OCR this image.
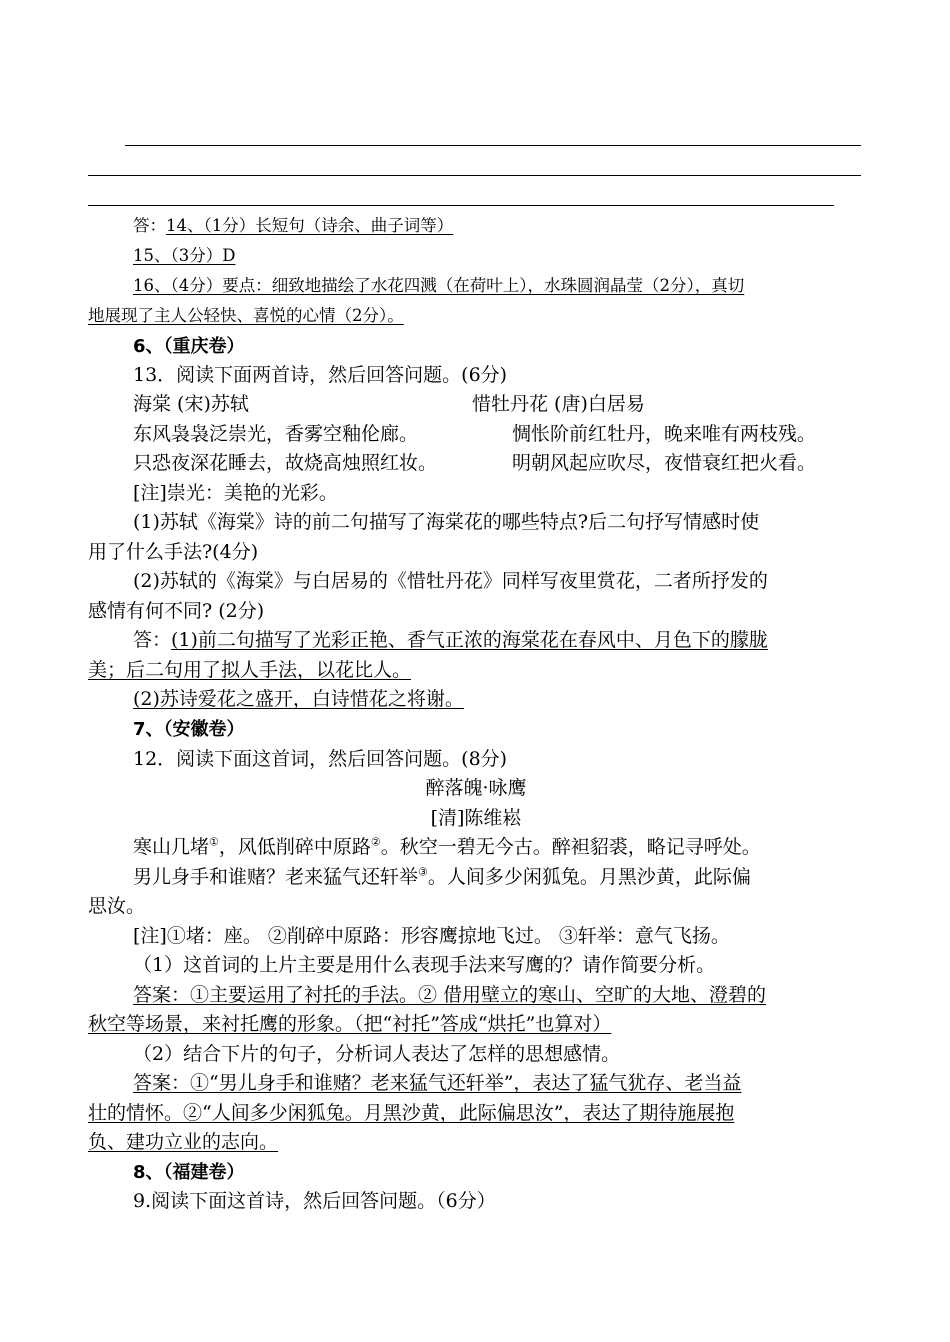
答：14、（1分）长短句（诗余、曲子词等）
15、（3分）D
16、（4分）要点：细致地描绘了水花四溅（在荷叶上），水珠圆润晶莹（2分），真切
地展现了主人公轻快、喜悦的心情（2分）。
6、（重庆卷）
13．阅读下面两首诗，然后回答问题。(6分)
海棠 (宋)苏轼	惜牡丹花 (唐)白居易
东风袅袅泛崇光，香雾空釉伦廊。	惆怅阶前红牡丹，晚来唯有两枝残。
只恐夜深花睡去，故烧高烛照红妆。	明朝风起应吹尽，夜惜衰红把火看。
[注]崇光：美艳的光彩。
(1)苏轼《海棠》诗的前二句描写了海棠花的哪些特点?后二句抒写情感时使
用了什么手法?(4分)
(2)苏轼的《海棠》与白居易的《惜牡丹花》同样写夜里赏花，二者所抒发的
感情有何不同? (2分)
答：(1)前二句描写了光彩正艳、香气正浓的海棠花在春风中、月色下的朦胧
美；后二句用了拟人手法，以花比人。
(2)苏诗爱花之盛开，白诗惜花之将谢。
7、（安徽卷）
12．阅读下面这首词，然后回答问题。(8分)
醉落魄·咏鹰
[清]陈维崧
寒山几堵①，风低削碎中原路②。秋空一碧无今古。醉袒貂裘，略记寻呼处。
男儿身手和谁赌？老来猛气还轩举③。人间多少闲狐兔。月黑沙黄，此际偏
思汝。
[注]①堵：座。 ②削碎中原路：形容鹰掠地飞过。 ③轩举：意气飞扬。
（1）这首词的上片主要是用什么表现手法来写鹰的？请作简要分析。
答案：①主要运用了衬托的手法。② 借用壁立的寒山、空旷的大地、澄碧的
秋空等场景，来衬托鹰的形象。（把“衬托”答成“烘托”也算对）
（2）结合下片的句子，分析词人表达了怎样的思想感情。
答案：①“男儿身手和谁赌？老来猛气还轩举”，表达了猛气犹存、老当益
壮的情怀。②“人间多少闲狐兔。月黑沙黄，此际偏思汝”，表达了期待施展抱
负、建功立业的志向。
8、（福建卷）
9.阅读下面这首诗，然后回答问题。（6分）
